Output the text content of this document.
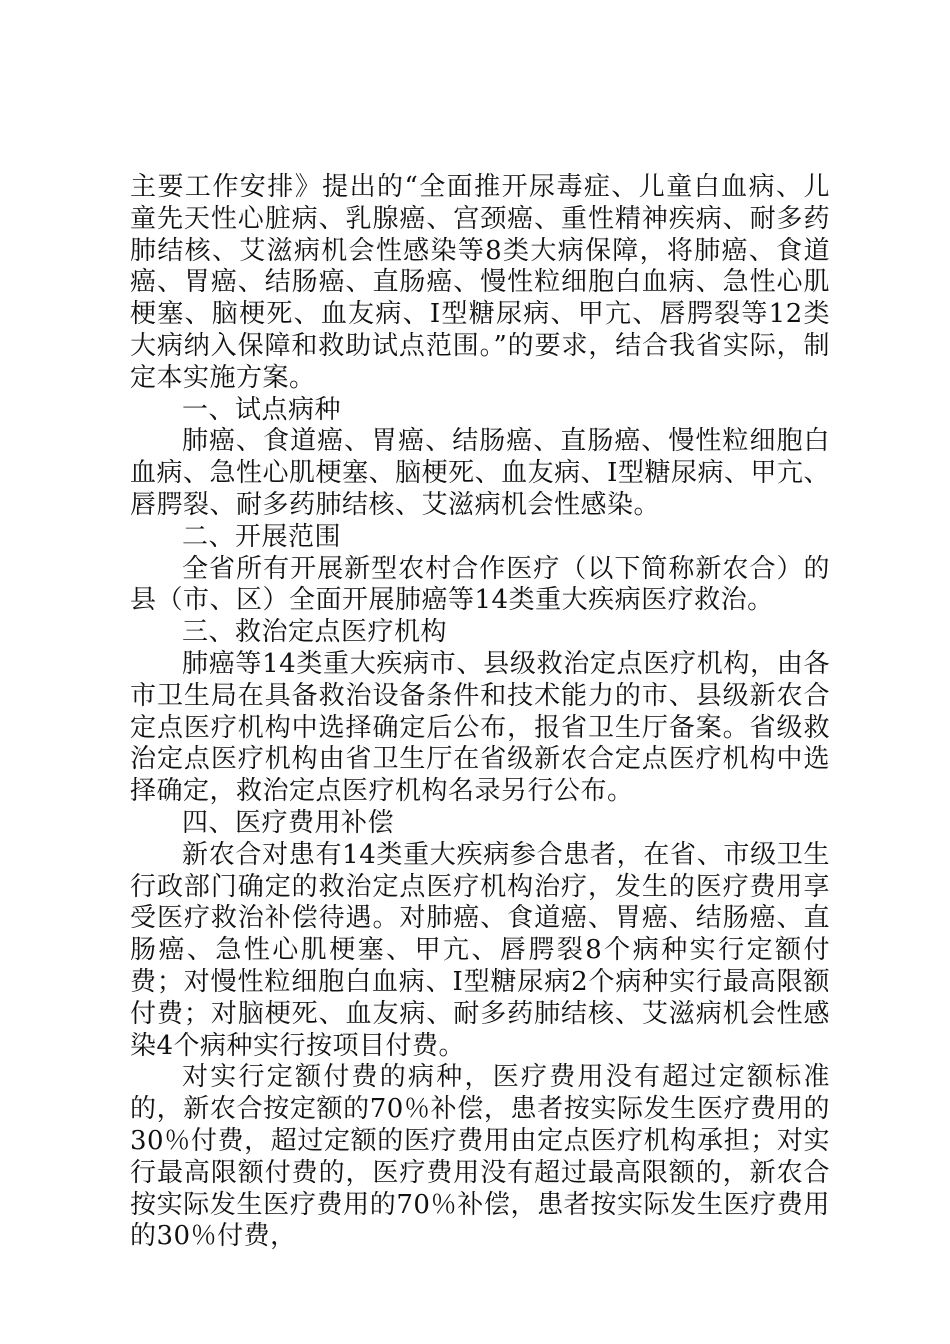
主要工作安排》提出的“全面推开尿毒症、儿童白血病、儿童先天性心脏病、乳腺癌、宫颈癌、重性精神疾病、耐多药肺结核、艾滋病机会性感染等8类大病保障，将肺癌、食道癌、胃癌、结肠癌、直肠癌、慢性粒细胞白血病、急性心肌梗塞、脑梗死、血友病、Ⅰ型糖尿病、甲亢、唇腭裂等12类大病纳入保障和救助试点范围。”的要求，结合我省实际，制定本实施方案。

一、试点病种

肺癌、食道癌、胃癌、结肠癌、直肠癌、慢性粒细胞白血病、急性心肌梗塞、脑梗死、血友病、Ⅰ型糖尿病、甲亢、唇腭裂、耐多药肺结核、艾滋病机会性感染。

二、开展范围

全省所有开展新型农村合作医疗（以下简称新农合）的县（市、区）全面开展肺癌等14类重大疾病医疗救治。

三、救治定点医疗机构

肺癌等14类重大疾病市、县级救治定点医疗机构，由各市卫生局在具备救治设备条件和技术能力的市、县级新农合定点医疗机构中选择确定后公布，报省卫生厅备案。省级救治定点医疗机构由省卫生厅在省级新农合定点医疗机构中选择确定，救治定点医疗机构名录另行公布。

四、医疗费用补偿

新农合对患有14类重大疾病参合患者，在省、市级卫生行政部门确定的救治定点医疗机构治疗，发生的医疗费用享受医疗救治补偿待遇。对肺癌、食道癌、胃癌、结肠癌、直肠癌、急性心肌梗塞、甲亢、唇腭裂8个病种实行定额付费；对慢性粒细胞白血病、Ⅰ型糖尿病2个病种实行最高限额付费；对脑梗死、血友病、耐多药肺结核、艾滋病机会性感染4个病种实行按项目付费。

对实行定额付费的病种，医疗费用没有超过定额标准的，新农合按定额的70％补偿，患者按实际发生医疗费用的30％付费，超过定额的医疗费用由定点医疗机构承担；对实行最高限额付费的，医疗费用没有超过最高限额的，新农合按实际发生医疗费用的70％补偿，患者按实际发生医疗费用的30％付费，
